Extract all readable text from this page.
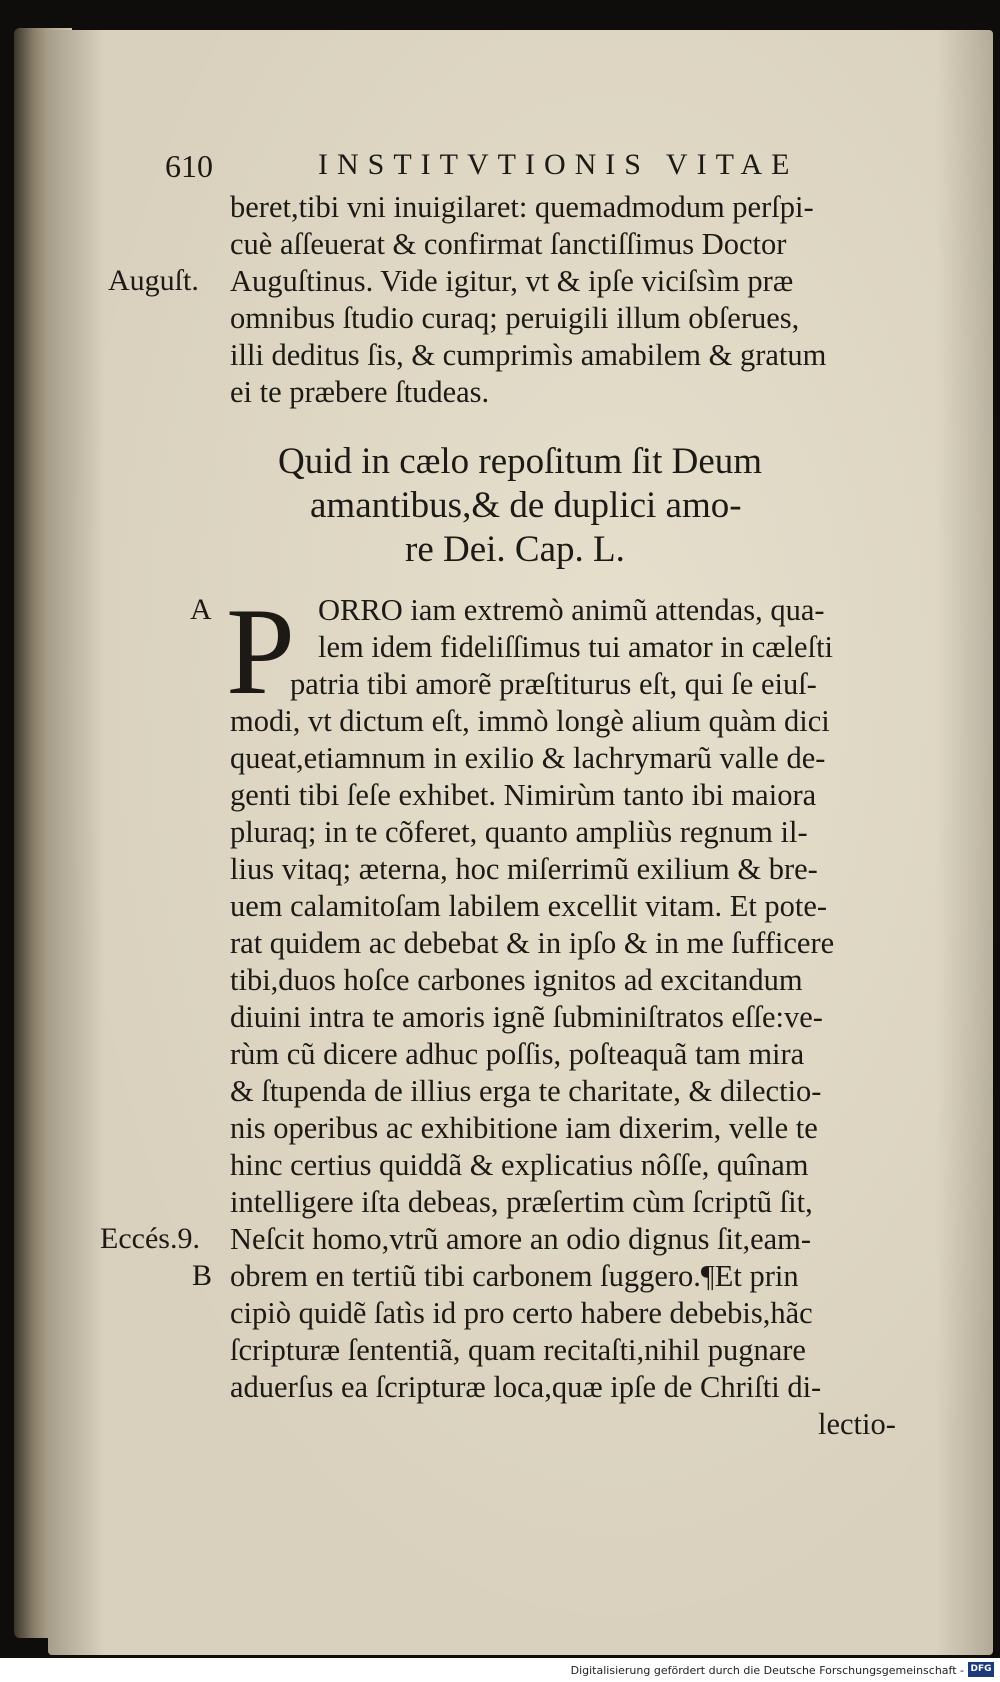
610	INSTITVTIONIS VITAE
beret,tibi vni inuigilaret: quemadmodum perſpi-
cuè aſſeuerat & confirmat ſanctiſſimus Doctor
Auguſtinus. Vide igitur, vt & ipſe viciſsìm præ
omnibus ſtudio curaq; peruigili illum obſerues,
illi deditus ſis, & cumprimìs amabilem & gratum
ei te præbere ſtudeas.
Auguſt.
Quid in cælo repoſitum ſit Deum
amantibus,& de duplici amo-
re Dei. Cap. L.
P
A	ORRO iam extremò animũ attendas, qua-
lem idem fideliſſimus tui amator in cæleſti
patria tibi amorẽ præſtiturus eſt, qui ſe eiuſ-
modi, vt dictum eſt, immò longè alium quàm dici
queat,etiamnum in exilio & lachrymarũ valle de-
genti tibi ſeſe exhibet. Nimirùm tanto ibi maiora
pluraq; in te cõferet, quanto ampliùs regnum il-
lius vitaq; æterna, hoc miſerrimũ exilium & bre-
uem calamitoſam labilem excellit vitam. Et pote-
rat quidem ac debebat & in ipſo & in me ſufficere
tibi,duos hoſce carbones ignitos ad excitandum
diuini intra te amoris ignẽ ſubminiſtratos eſſe:ve-
rùm cũ dicere adhuc poſſis, poſteaquã tam mira
& ſtupenda de illius erga te charitate, & dilectio-
nis operibus ac exhibitione iam dixerim, velle te
hinc certius quiddã & explicatius nôſſe, quînam
intelligere iſta debeas, præſertim cùm ſcriptũ ſit,
Neſcit homo,vtrũ amore an odio dignus ſit,eam-
obrem en tertiũ tibi carbonem ſuggero.¶Et prin
cipiò quidẽ ſatìs id pro certo habere debebis,hãc
ſcripturæ ſententiã, quam recitaſti,nihil pugnare
aduerſus ea ſcripturæ loca,quæ ipſe de Chriſti di-
Eccés.9.
B
lectio-
Digitalisierung gefördert durch die Deutsche Forschungsgemeinschaft - DFG
